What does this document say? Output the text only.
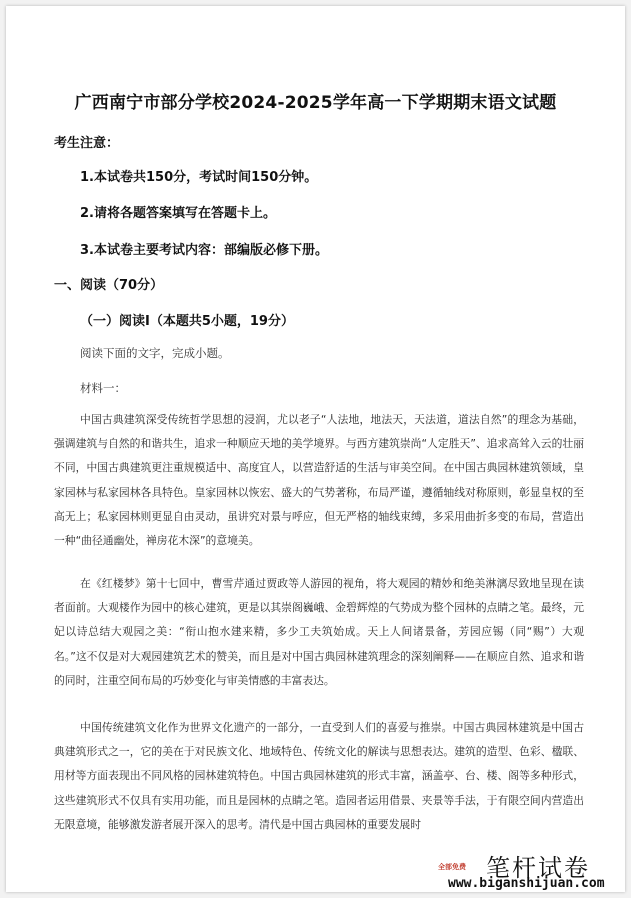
广西南宁市部分学校2024-2025学年高一下学期期末语文试题
考生注意：
1.本试卷共150分，考试时间150分钟。
2.请将各题答案填写在答题卡上。
3.本试卷主要考试内容：部编版必修下册。
一、阅读（70分）
（一）阅读Ⅰ（本题共5小题，19分）
阅读下面的文字，完成小题。
材料一：
中国古典建筑深受传统哲学思想的浸润，尤以老子“人法地，地法天，天法道，道法自然”的理念为基础，强调建筑与自然的和谐共生，追求一种顺应天地的美学境界。与西方建筑崇尚“人定胜天”、追求高耸入云的壮丽不同，中国古典建筑更注重规模适中、高度宜人，以营造舒适的生活与审美空间。在中国古典园林建筑领域，皇家园林与私家园林各具特色。皇家园林以恢宏、盛大的气势著称，布局严谨，遵循轴线对称原则，彰显皇权的至高无上；私家园林则更显自由灵动，虽讲究对景与呼应，但无严格的轴线束缚，多采用曲折多变的布局，营造出一种“曲径通幽处，禅房花木深”的意境美。
在《红楼梦》第十七回中，曹雪芹通过贾政等人游园的视角，将大观园的精妙和绝美淋漓尽致地呈现在读者面前。大观楼作为园中的核心建筑，更是以其崇阁巍峨、金碧辉煌的气势成为整个园林的点睛之笔。最终，元妃以诗总结大观园之美：“衔山抱水建来精，多少工夫筑始成。天上人间诸景备，芳园应锡（同“赐”）大观名。”这不仅是对大观园建筑艺术的赞美，而且是对中国古典园林建筑理念的深刻阐释——在顺应自然、追求和谐的同时，注重空间布局的巧妙变化与审美情感的丰富表达。
中国传统建筑文化作为世界文化遗产的一部分，一直受到人们的喜爱与推崇。中国古典园林建筑是中国古典建筑形式之一，它的美在于对民族文化、地域特色、传统文化的解读与思想表达。建筑的造型、色彩、楹联、用材等方面表现出不同风格的园林建筑特色。中国古典园林建筑的形式丰富，涵盖亭、台、楼、阁等多种形式，这些建筑形式不仅具有实用功能，而且是园林的点睛之笔。造园者运用借景、夹景等手法，于有限空间内营造出无限意境，能够激发游者展开深入的思考。清代是中国古典园林的重要发展时
全部免费 笔杆试卷
www.biganshijuan.com
